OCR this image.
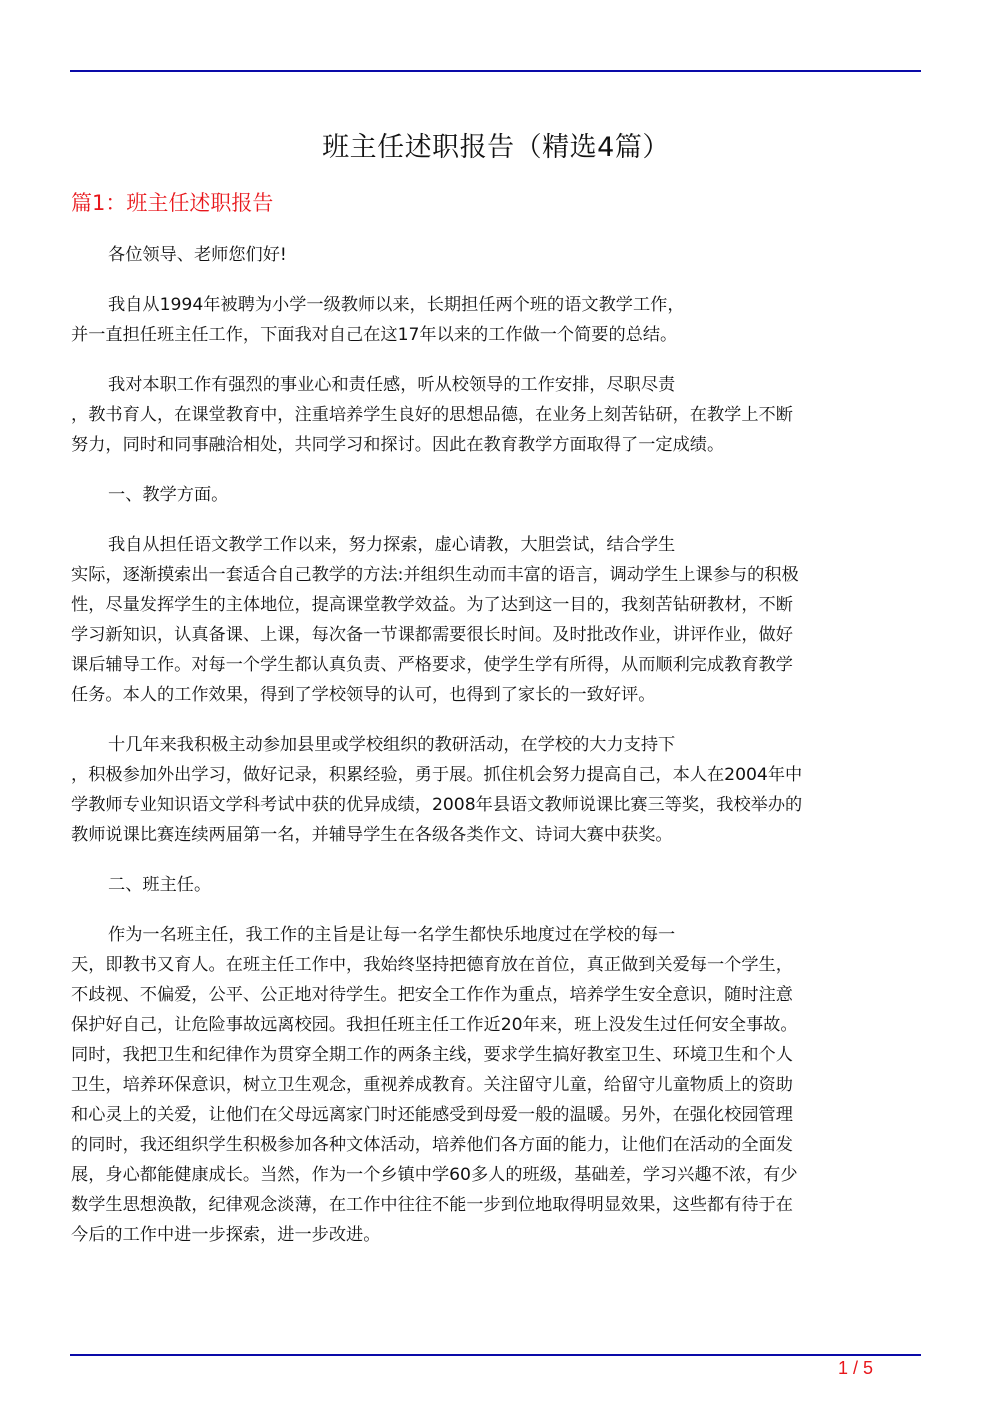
班主任述职报告（精选4篇）
篇1：班主任述职报告

各位领导、老师您们好!

我自从1994年被聘为小学一级教师以来，长期担任两个班的语文教学工作，
并一直担任班主任工作，下面我对自己在这17年以来的工作做一个简要的总结。

我对本职工作有强烈的事业心和责任感，听从校领导的工作安排，尽职尽责
，教书育人，在课堂教育中，注重培养学生良好的思想品德，在业务上刻苦钻研，在教学上不断
努力，同时和同事融洽相处，共同学习和探讨。因此在教育教学方面取得了一定成绩。

一、教学方面。

我自从担任语文教学工作以来，努力探索，虚心请教，大胆尝试，结合学生
实际，逐渐摸索出一套适合自己教学的方法:并组织生动而丰富的语言，调动学生上课参与的积极
性，尽量发挥学生的主体地位，提高课堂教学效益。为了达到这一目的，我刻苦钻研教材，不断
学习新知识，认真备课、上课，每次备一节课都需要很长时间。及时批改作业，讲评作业，做好
课后辅导工作。对每一个学生都认真负责、严格要求，使学生学有所得，从而顺利完成教育教学
任务。本人的工作效果，得到了学校领导的认可，也得到了家长的一致好评。

十几年来我积极主动参加县里或学校组织的教研活动，在学校的大力支持下
，积极参加外出学习，做好记录，积累经验，勇于展。抓住机会努力提高自己，本人在2004年中
学教师专业知识语文学科考试中获的优异成绩，2008年县语文教师说课比赛三等奖，我校举办的
教师说课比赛连续两届第一名，并辅导学生在各级各类作文、诗词大赛中获奖。

二、班主任。

作为一名班主任，我工作的主旨是让每一名学生都快乐地度过在学校的每一
天，即教书又育人。在班主任工作中，我始终坚持把德育放在首位，真正做到关爱每一个学生，
不歧视、不偏爱，公平、公正地对待学生。把安全工作作为重点，培养学生安全意识，随时注意
保护好自己，让危险事故远离校园。我担任班主任工作近20年来，班上没发生过任何安全事故。
同时，我把卫生和纪律作为贯穿全期工作的两条主线，要求学生搞好教室卫生、环境卫生和个人
卫生，培养环保意识，树立卫生观念，重视养成教育。关注留守儿童，给留守儿童物质上的资助
和心灵上的关爱，让他们在父母远离家门时还能感受到母爱一般的温暖。另外，在强化校园管理
的同时，我还组织学生积极参加各种文体活动，培养他们各方面的能力，让他们在活动的全面发
展，身心都能健康成长。当然，作为一个乡镇中学60多人的班级，基础差，学习兴趣不浓，有少
数学生思想涣散，纪律观念淡薄，在工作中往往不能一步到位地取得明显效果，这些都有待于在
今后的工作中进一步探索，进一步改进。

1 / 5
